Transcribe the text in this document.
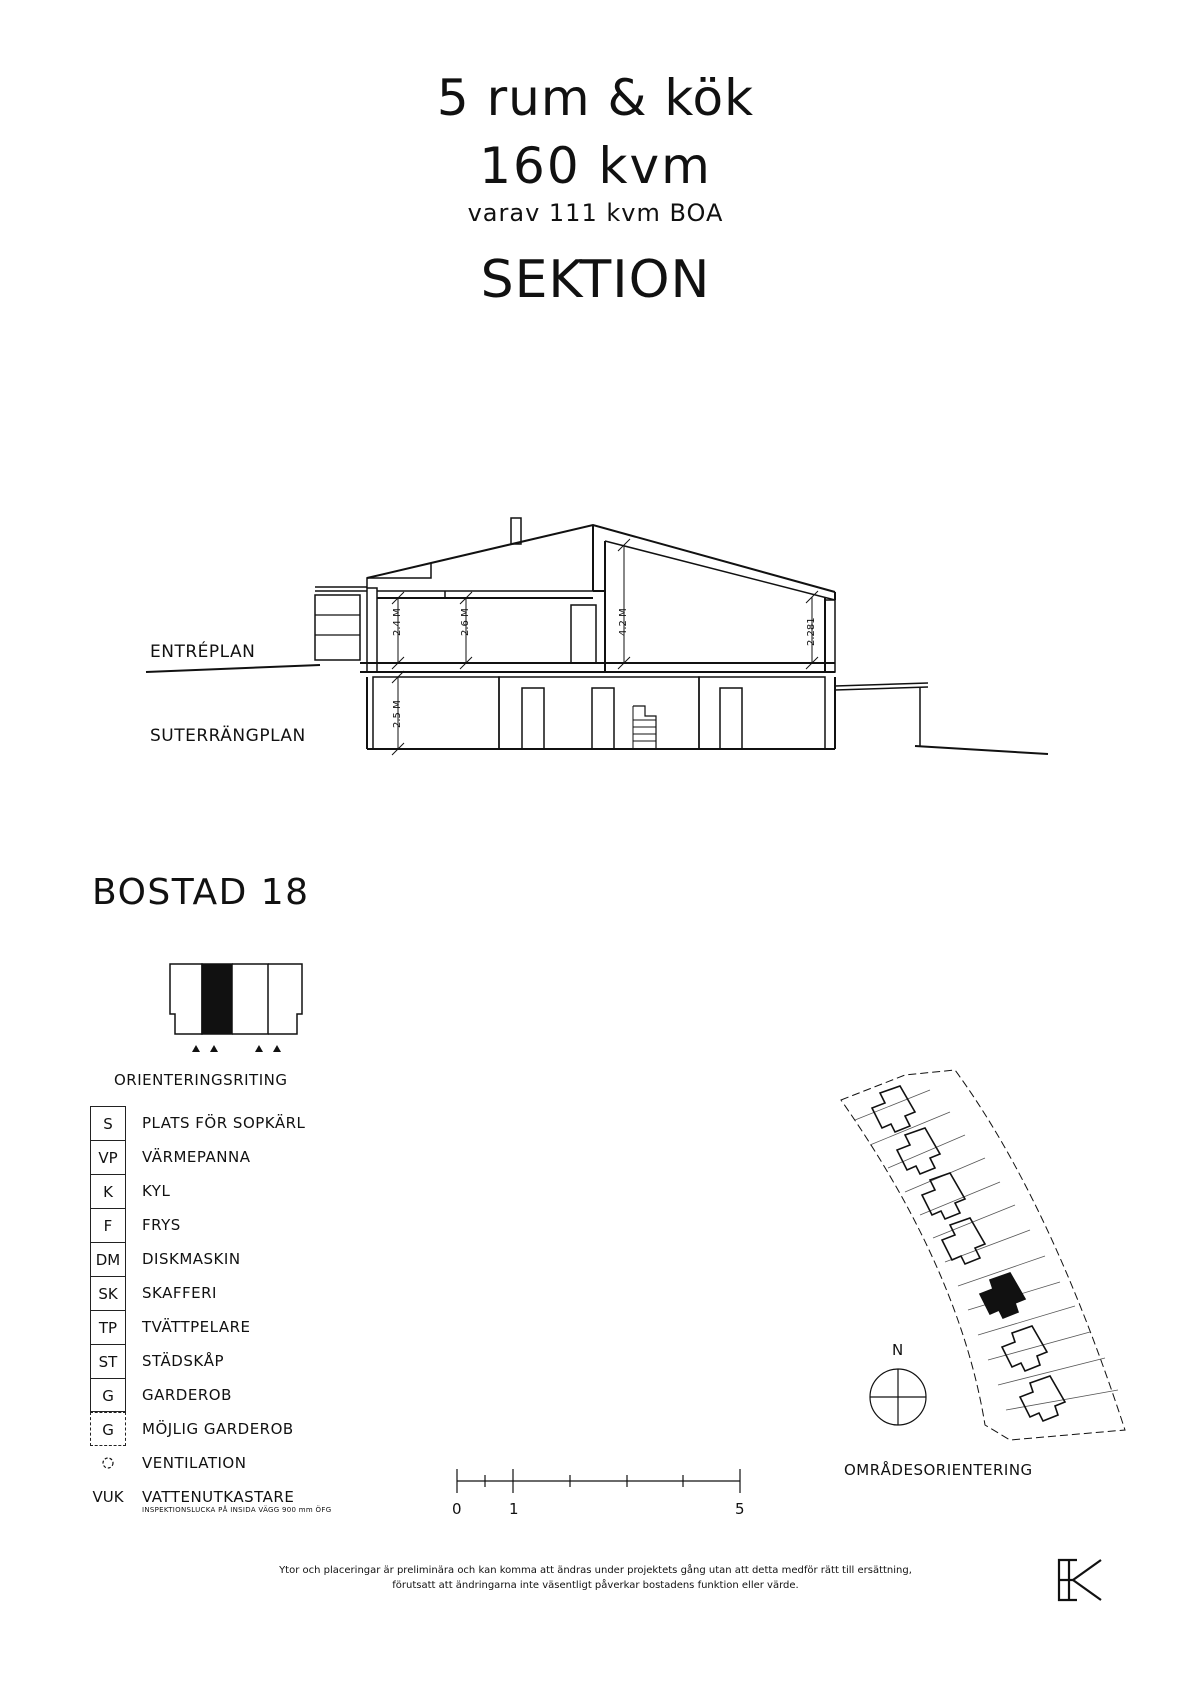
5 rum & kök
160 kvm
varav 111 kvm BOA
SEKTION
ENTRÉPLAN
SUTERRÄNGPLAN
2.4 M	2.6 M	4.2 M	2.281
2.5 M
BOSTAD 18
ORIENTERINGSRITING
S	PLATS FÖR SOPKÄRL
VP	VÄRMEPANNA
K	KYL
F	FRYS
DM	DISKMASKIN
SK	SKAFFERI
TP	TVÄTTPELARE
ST	STÄDSKÅP
G	GARDEROB
G	MÖJLIG GARDEROB
VENTILATION
VUK VATTENUTKASTARE
INSPEKTIONSLUCKA PÅ INSIDA VÄGG 900 mm ÖFG	0	1	5
N
OMRÅDESORIENTERING
Ytor och placeringar är preliminära och kan komma att ändras under projektets gång utan att detta medför rätt till ersättning,
förutsatt att ändringarna inte väsentligt påverkar bostadens funktion eller värde.
